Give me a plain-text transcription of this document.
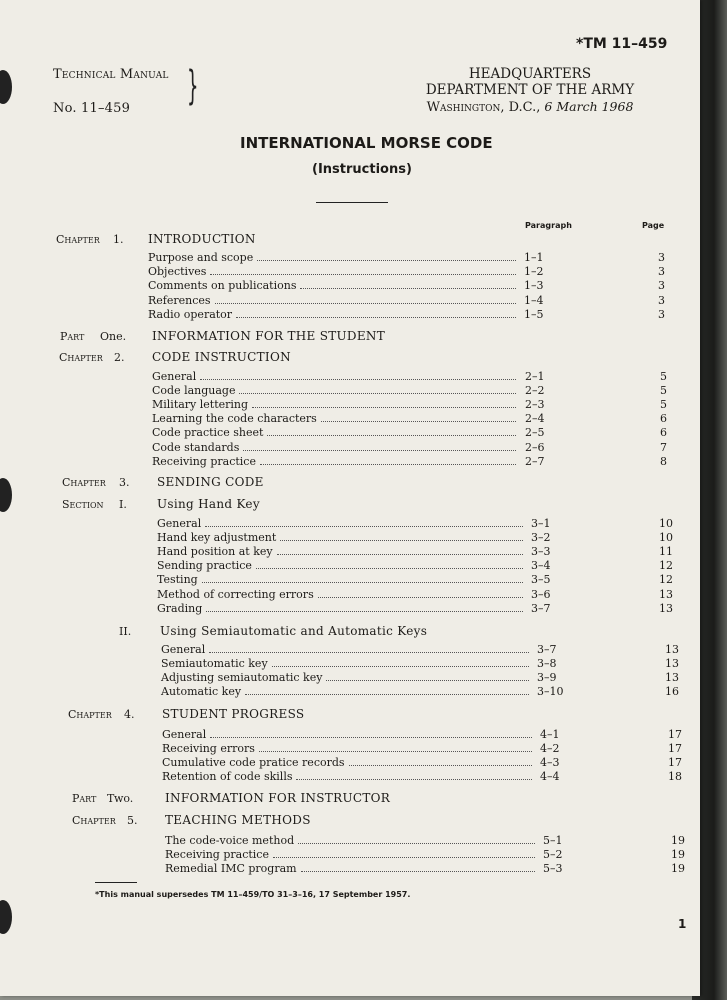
*TM 11–459
Technical Manual
No. 11–459 }	HEADQUARTERS
DEPARTMENT OF THE ARMY
Washington, D.C., 6 March 1968
INTERNATIONAL MORSE CODE
(Instructions)
Paragraph	Page
Chapter 1. INTRODUCTION
Purpose and scope	1–1	3
Objectives	1–2	3
Comments on publications	1–3	3
References	1–4	3
Radio operator	1–5	3
Part One. INFORMATION FOR THE STUDENT
Chapter 2. CODE INSTRUCTION
General	2–1	5
Code language	2–2	5
Military lettering	2–3	5
Learning the code characters	2–4	6
Code practice sheet	2–5	6
Code standards	2–6	7
Receiving practice	2–7	8
Chapter 3. SENDING CODE
Section I.	Using Hand Key
General	3–1	10
Hand key adjustment	3–2	10
Hand position at key	3–3	11
Sending practice	3–4	12
Testing	3–5	12
Method of correcting errors	3–6	13
Grading	3–7	13
II. Using Semiautomatic and Automatic Keys
General	3–7	13
Semiautomatic key	3–8	13
Adjusting semiautomatic key	3–9	13
Automatic key	3–10	16
Chapter 4. STUDENT PROGRESS
General	4–1	17
Receiving errors	4–2	17
Cumulative code pratice records	4–3	17
Retention of code skills	4–4	18
Part Two.	INFORMATION FOR INSTRUCTOR
Chapter 5. TEACHING METHODS
The code-voice method	5–1	19
Receiving practice	5–2	19
Remedial IMC program	5–3	19
*This manual supersedes TM 11–459/TO 31–3–16, 17 September 1957.
1
